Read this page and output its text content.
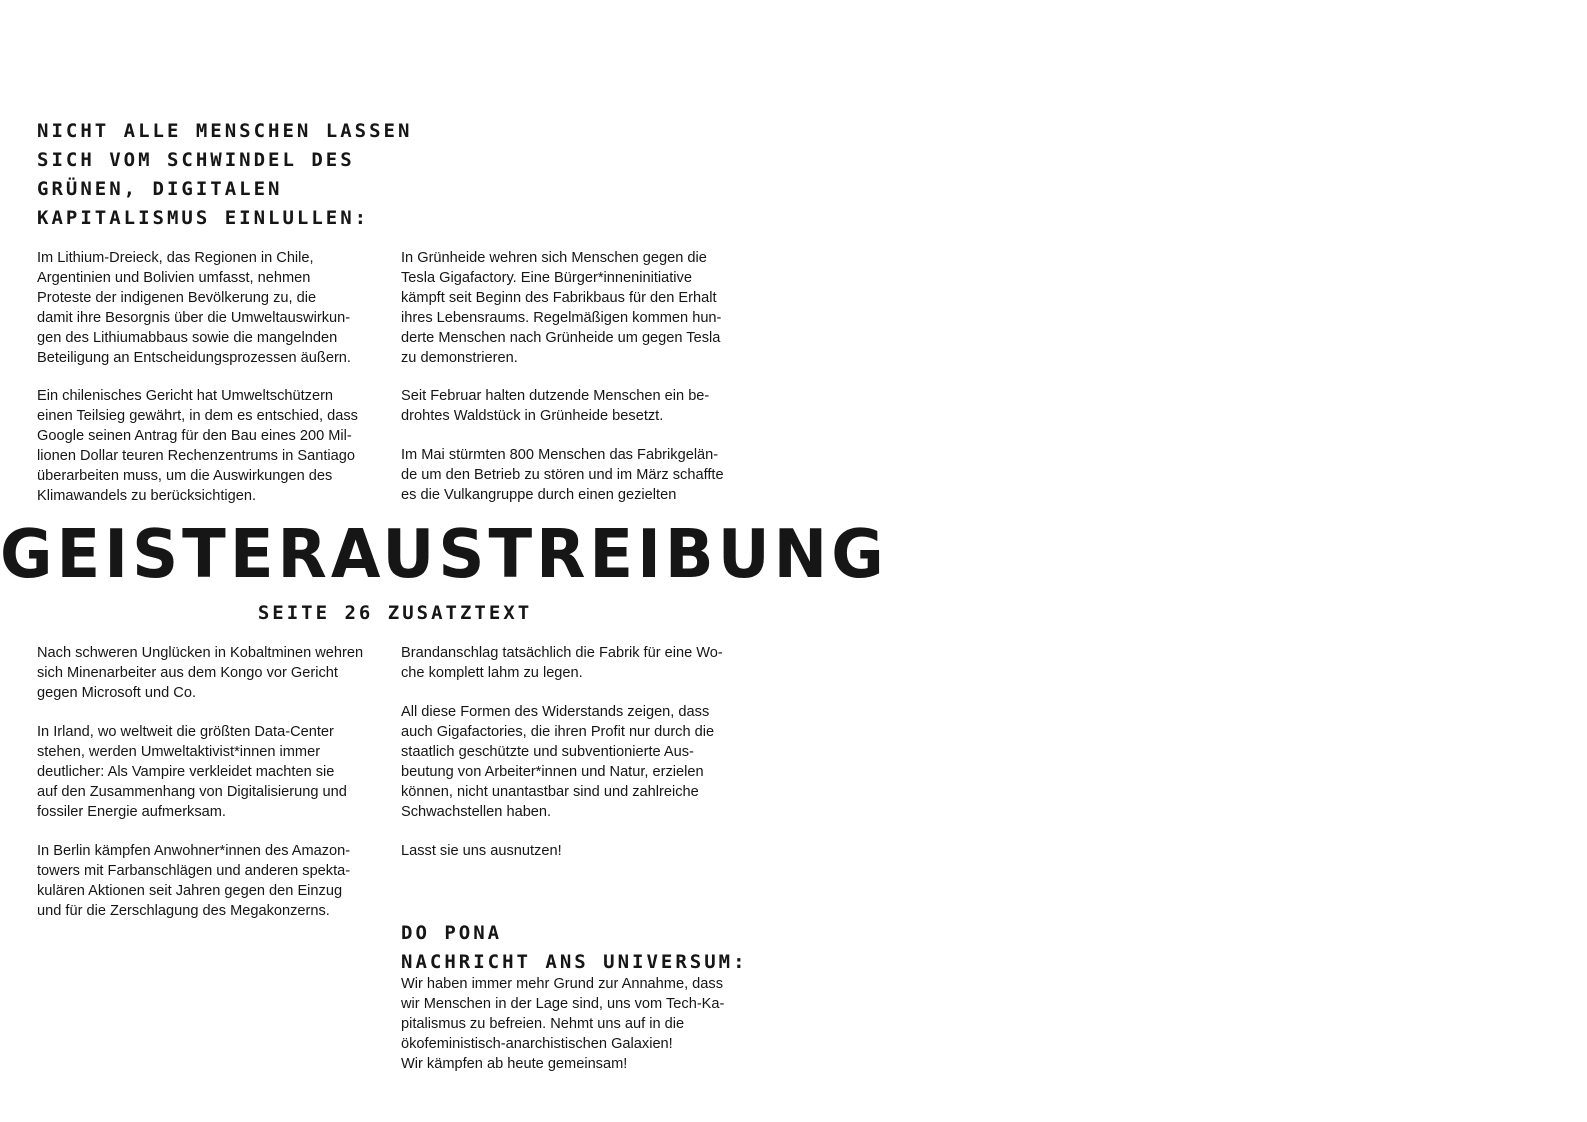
NICHT ALLE MENSCHEN LASSEN
SICH VOM SCHWINDEL DES
GRÜNEN, DIGITALEN
KAPITALISMUS EINLULLEN:

Im Lithium-Dreieck, das Regionen in Chile,
Argentinien und Bolivien umfasst, nehmen
Proteste der indigenen Bevölkerung zu, die
damit ihre Besorgnis über die Umweltauswirkun-
gen des Lithiumabbaus sowie die mangelnden
Beteiligung an Entscheidungsprozessen äußern.

Ein chilenisches Gericht hat Umweltschützern
einen Teilsieg gewährt, in dem es entschied, dass
Google seinen Antrag für den Bau eines 200 Mil-
lionen Dollar teuren Rechenzentrums in Santiago
überarbeiten muss, um die Auswirkungen des
Klimawandels zu berücksichtigen.

In Grünheide wehren sich Menschen gegen die
Tesla Gigafactory. Eine Bürger*inneninitiative
kämpft seit Beginn des Fabrikbaus für den Erhalt
ihres Lebensraums. Regelmäßigen kommen hun-
derte Menschen nach Grünheide um gegen Tesla
zu demonstrieren.

Seit Februar halten dutzende Menschen ein be-
drohtes Waldstück in Grünheide besetzt.

Im Mai stürmten 800 Menschen das Fabrikgelän-
de um den Betrieb zu stören und im März schaffte
es die Vulkangruppe durch einen gezielten

GEISTERAUSTREIBUNG
SEITE 26 ZUSATZTEXT

Nach schweren Unglücken in Kobaltminen wehren
sich Minenarbeiter aus dem Kongo vor Gericht
gegen Microsoft und Co.

In Irland, wo weltweit die größten Data-Center
stehen, werden Umweltaktivist*innen immer
deutlicher: Als Vampire verkleidet machten sie
auf den Zusammenhang von Digitalisierung und
fossiler Energie aufmerksam.

In Berlin kämpfen Anwohner*innen des Amazon-
towers mit Farbanschlägen und anderen spekta-
kulären Aktionen seit Jahren gegen den Einzug
und für die Zerschlagung des Megakonzerns.

Brandanschlag tatsächlich die Fabrik für eine Wo-
che komplett lahm zu legen.

All diese Formen des Widerstands zeigen, dass
auch Gigafactories, die ihren Profit nur durch die
staatlich geschützte und subventionierte Aus-
beutung von Arbeiter*innen und Natur, erzielen
können, nicht unantastbar sind und zahlreiche
Schwachstellen haben.

Lasst sie uns ausnutzen!

DO PONA
NACHRICHT ANS UNIVERSUM:

Wir haben immer mehr Grund zur Annahme, dass
wir Menschen in der Lage sind, uns vom Tech-Ka-
pitalismus zu befreien. Nehmt uns auf in die
ökofeministisch-anarchistischen Galaxien!
Wir kämpfen ab heute gemeinsam!
